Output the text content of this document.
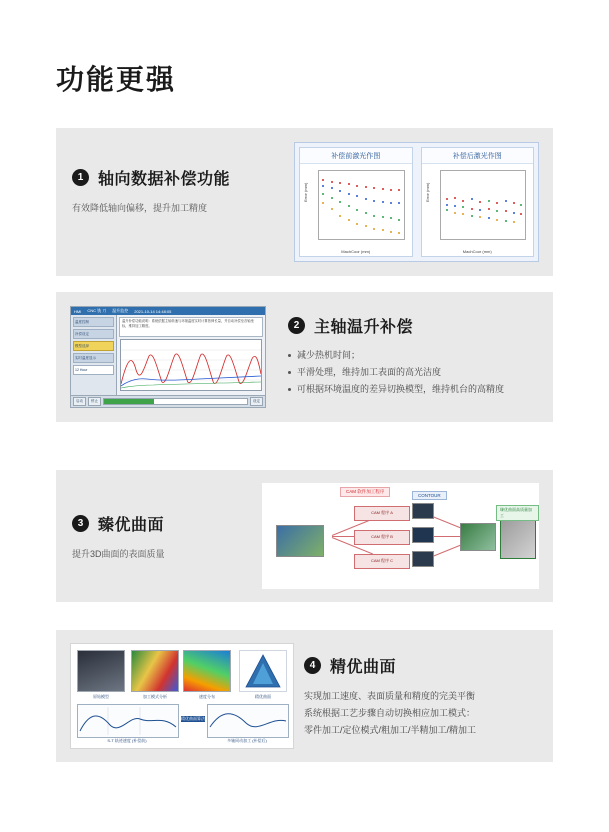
功能更强
1 轴向数据补偿功能
有效降低轴向偏移，提升加工精度
补偿前激光作图
Error (mm)
MachCoor (mm)
补偿后激光作图
Error (mm)
MachCoor (mm)
HMI CNC 铣 刀 温升监控 2021-10-14 14:48:05
温度控制
补偿设定
模型选择
实时温度显示
12 Hour
温升补偿功能说明：系统依据主轴转速与环境温度实时计算热伸长量，并自动补偿至各轴坐标，维持加工精度。
启动	停止	设定
2 主轴温升补偿
减少热机时间；
平滑处理，维持加工表面的高光洁度
可根据环境温度的差异切换模型，维持机台的高精度
3 臻优曲面
提升3D曲面的表面质量
CAM 软件加工程序
CAM 程序 A
CAM 程序 B
CAM 程序 C
CONTOUR
臻优曲面高质量加工
原始模型	加工模式分析	速度分布	精优曲面
精优曲面算法 CONTOUR
S-T 轨迹速度 (补偿前)	多轴同动加工 (补偿后)
4 精优曲面
实现加工速度、表面质量和精度的完美平衡
系统根据工艺步骤自动切换相应加工模式：
零件加工/定位模式/粗加工/半精加工/精加工
